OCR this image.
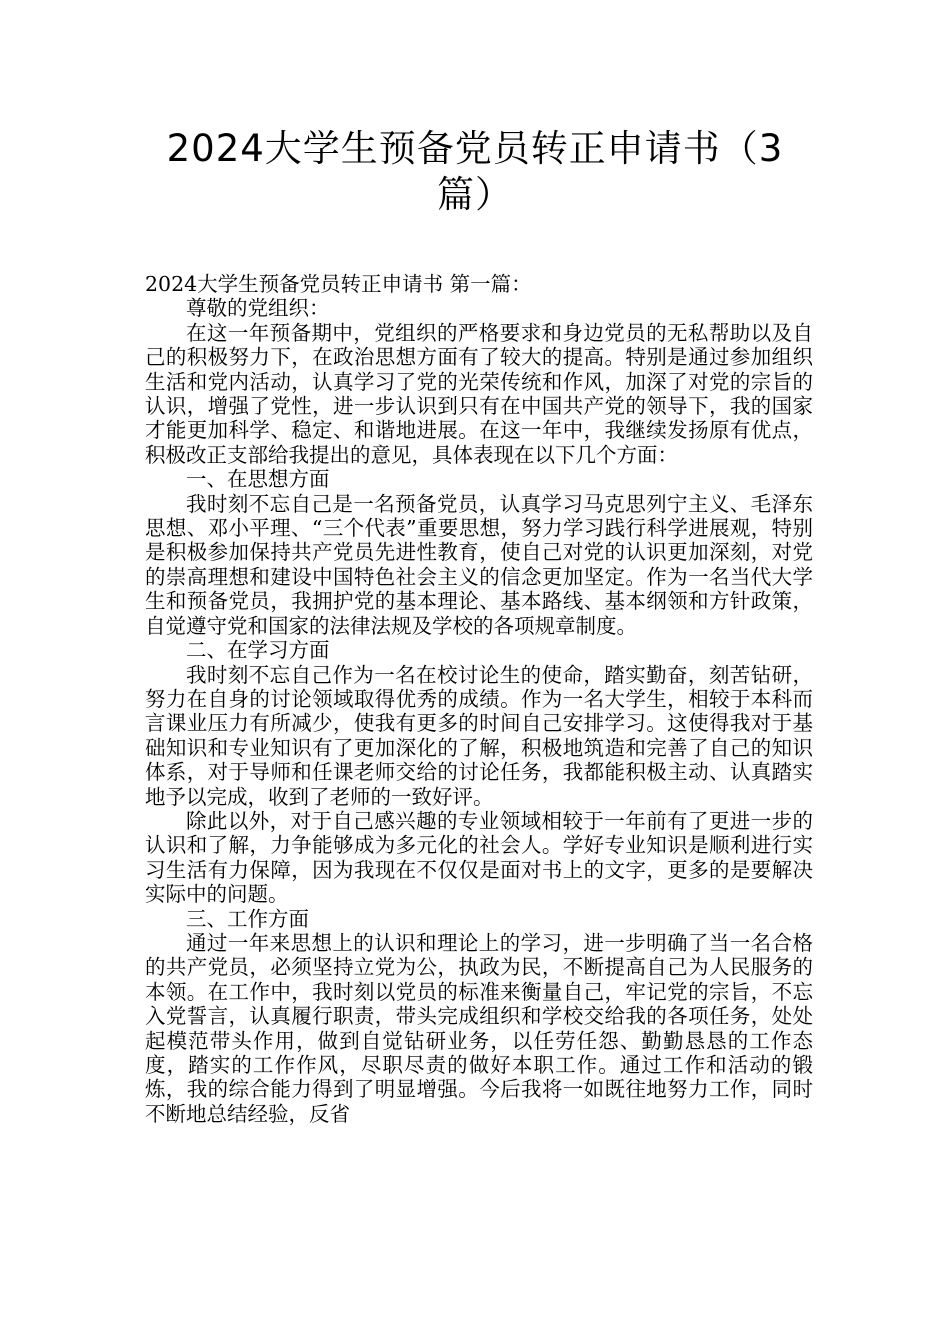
2024大学生预备党员转正申请书（3篇）

2024大学生预备党员转正申请书 第一篇：

尊敬的党组织：

在这一年预备期中，党组织的严格要求和身边党员的无私帮助以及自己的积极努力下，在政治思想方面有了较大的提高。特别是通过参加组织生活和党内活动，认真学习了党的光荣传统和作风，加深了对党的宗旨的认识，增强了党性，进一步认识到只有在中国共产党的领导下，我的国家才能更加科学、稳定、和谐地进展。在这一年中，我继续发扬原有优点，积极改正支部给我提出的意见，具体表现在以下几个方面：

一、在思想方面

我时刻不忘自己是一名预备党员，认真学习马克思列宁主义、毛泽东思想、邓小平理、“三个代表”重要思想，努力学习践行科学进展观，特别是积极参加保持共产党员先进性教育，使自己对党的认识更加深刻，对党的崇高理想和建设中国特色社会主义的信念更加坚定。作为一名当代大学生和预备党员，我拥护党的基本理论、基本路线、基本纲领和方针政策，自觉遵守党和国家的法律法规及学校的各项规章制度。

二、在学习方面

我时刻不忘自己作为一名在校讨论生的使命，踏实勤奋，刻苦钻研，努力在自身的讨论领域取得优秀的成绩。作为一名大学生，相较于本科而言课业压力有所减少，使我有更多的时间自己安排学习。这使得我对于基础知识和专业知识有了更加深化的了解，积极地筑造和完善了自己的知识体系，对于导师和任课老师交给的讨论任务，我都能积极主动、认真踏实地予以完成，收到了老师的一致好评。

除此以外，对于自己感兴趣的专业领域相较于一年前有了更进一步的认识和了解，力争能够成为多元化的社会人。学好专业知识是顺利进行实习生活有力保障，因为我现在不仅仅是面对书上的文字，更多的是要解决实际中的问题。

三、工作方面

通过一年来思想上的认识和理论上的学习，进一步明确了当一名合格的共产党员，必须坚持立党为公，执政为民，不断提高自己为人民服务的本领。在工作中，我时刻以党员的标准来衡量自己，牢记党的宗旨，不忘入党誓言，认真履行职责，带头完成组织和学校交给我的各项任务，处处起模范带头作用，做到自觉钻研业务，以任劳任怨、勤勤恳恳的工作态度，踏实的工作作风，尽职尽责的做好本职工作。通过工作和活动的锻炼，我的综合能力得到了明显增强。今后我将一如既往地努力工作，同时不断地总结经验，反省
